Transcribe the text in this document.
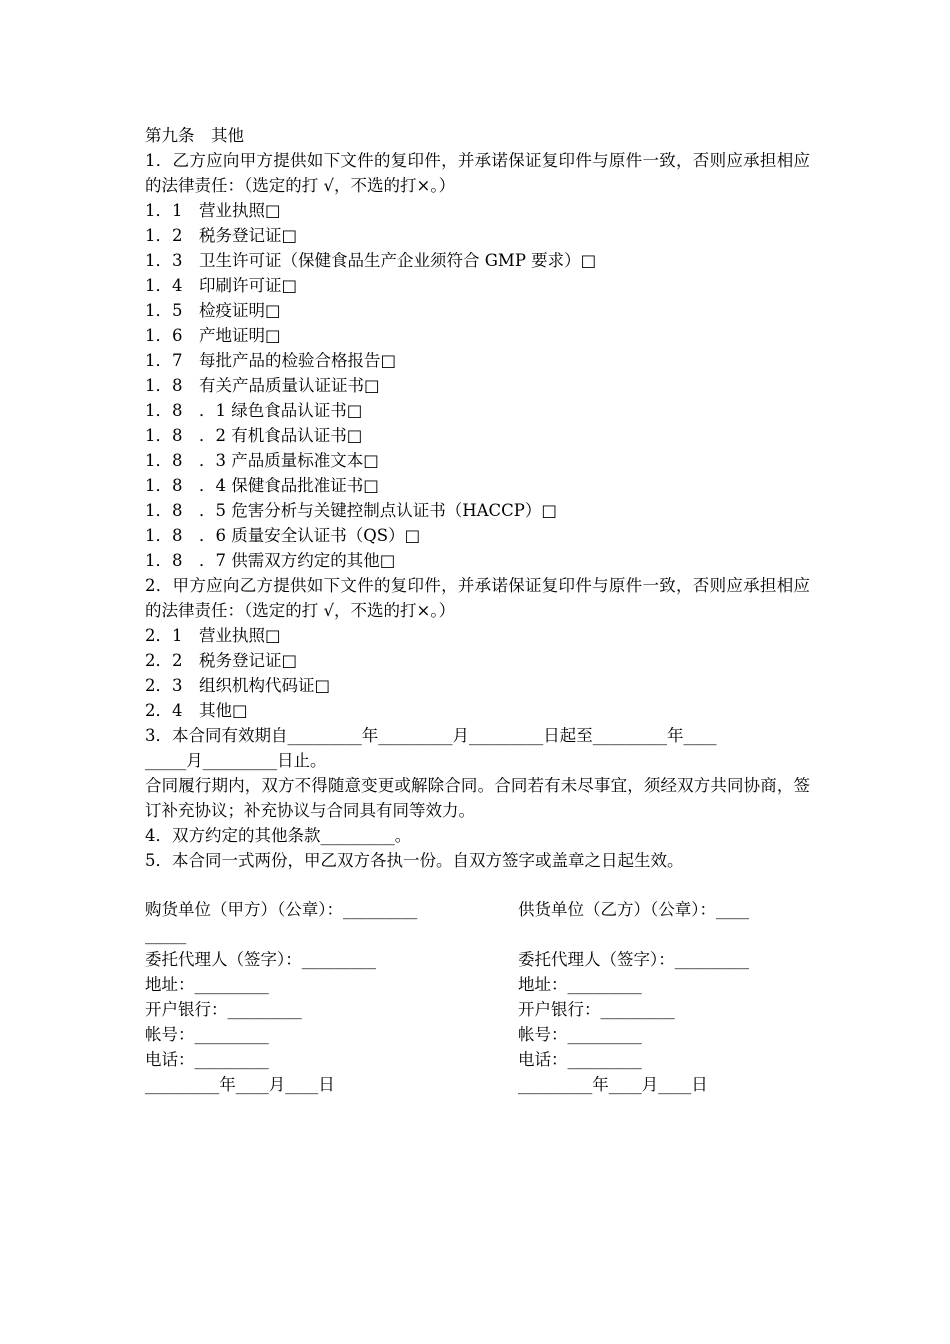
第九条　其他
1．乙方应向甲方提供如下文件的复印件，并承诺保证复印件与原件一致，否则应承担相应的法律责任：（选定的打 √，不选的打×。）
1．1　营业执照□
1．2　税务登记证□
1．3　卫生许可证（保健食品生产企业须符合 GMP 要求）□
1．4　印刷许可证□
1．5　检疫证明□
1．6　产地证明□
1．7　每批产品的检验合格报告□
1．8　有关产品质量认证证书□
1．8　．1 绿色食品认证书□
1．8　．2 有机食品认证书□
1．8　．3 产品质量标准文本□
1．8　．4 保健食品批准证书□
1．8　．5 危害分析与关键控制点认证书（HACCP）□
1．8　．6 质量安全认证书（QS）□
1．8　．7 供需双方约定的其他□
2．甲方应向乙方提供如下文件的复印件，并承诺保证复印件与原件一致，否则应承担相应的法律责任：（选定的打 √，不选的打×。）
2．1　营业执照□
2．2　税务登记证□
2．3　组织机构代码证□
2．4　其他□
3．本合同有效期自_________年_________月_________日起至_________年____
_____月_________日止。
合同履行期内，双方不得随意变更或解除合同。合同若有未尽事宜，须经双方共同协商，签订补充协议；补充协议与合同具有同等效力。
4．双方约定的其他条款_________。
5．本合同一式两份，甲乙双方各执一份。自双方签字或盖章之日起生效。
购货单位（甲方）（公章）：_________	供货单位（乙方）（公章）：____
_____
委托代理人（签字）：_________	委托代理人（签字）：_________
地址：_________	地址：_________
开户银行：_________	开户银行：_________
帐号：_________	帐号：_________
电话：_________	电话：_________
_________年____月____日	_________年____月____日
